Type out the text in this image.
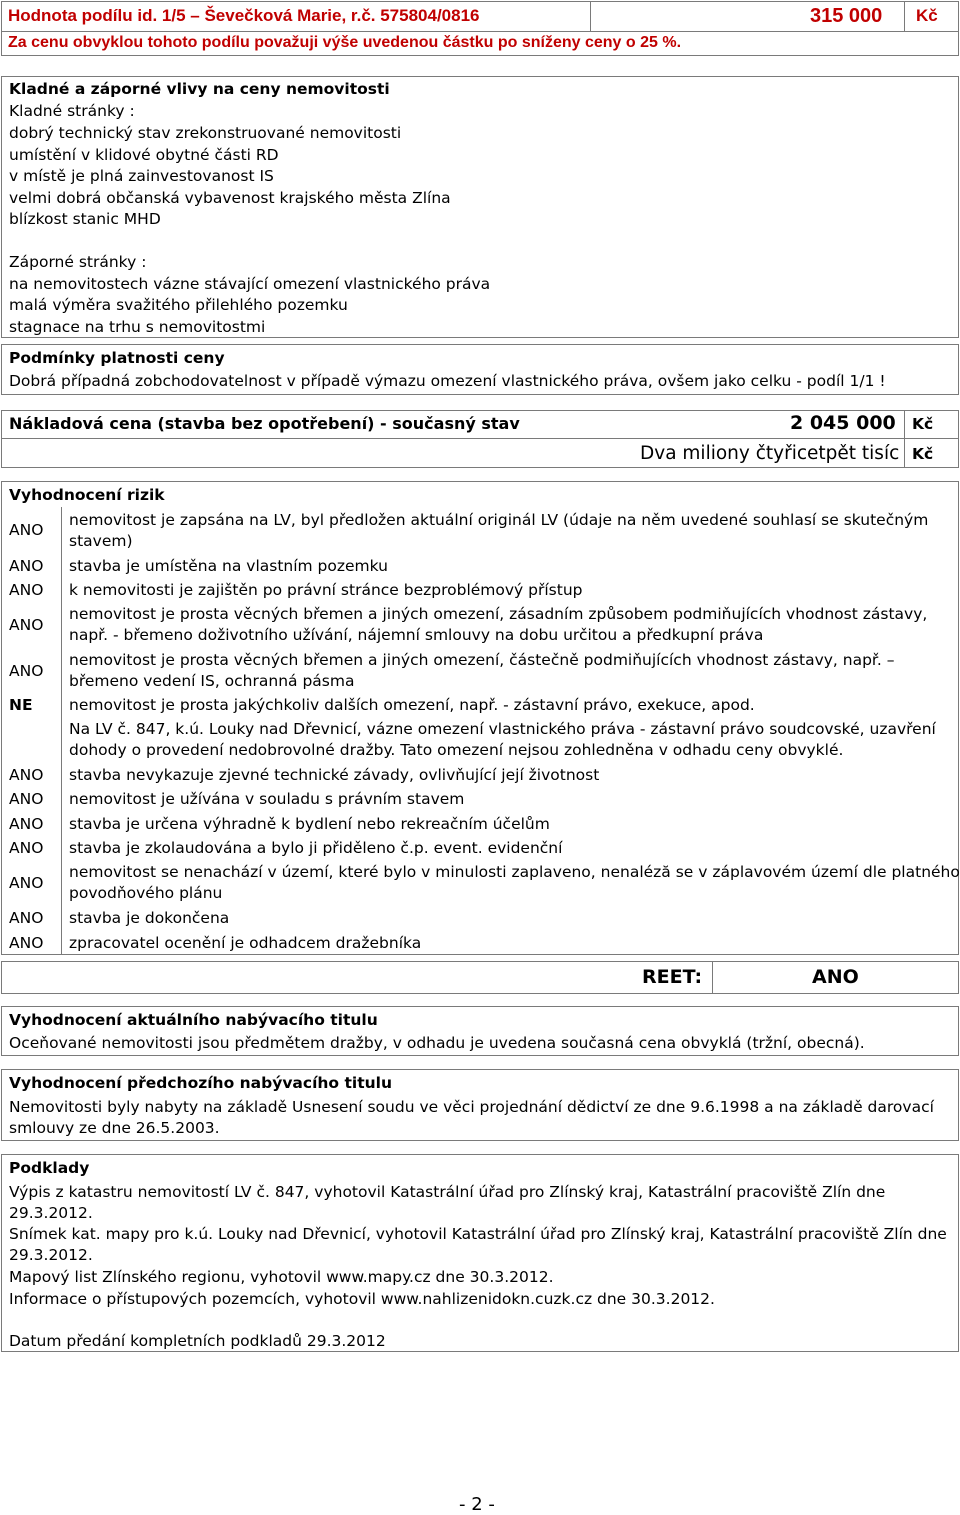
Hodnota podílu id. 1/5 – Ševečková Marie, r.č. 575804/0816	315 000 Kč
Za cenu obvyklou tohoto podílu považuji výše uvedenou částku po sníženy ceny o 25 %.
Kladné a záporné vlivy na ceny nemovitosti
Kladné stránky :
dobrý technický stav zrekonstruované nemovitosti
umístění v klidové obytné části RD
v místě je plná zainvestovanost IS
velmi dobrá občanská vybavenost krajského města Zlína
blízkost stanic MHD
Záporné stránky :
na nemovitostech vázne stávající omezení vlastnického práva
malá výměra svažitého přilehlého pozemku
stagnace na trhu s nemovitostmi
Podmínky platnosti ceny
Dobrá případná zobchodovatelnost v případě výmazu omezení vlastnického práva, ovšem jako celku - podíl 1/1 !
Nákladová cena (stavba bez opotřebení) - současný stav	2 045 000 Kč
Dva miliony čtyřicetpět tisíc Kč
Vyhodnocení rizik
ANO
nemovitost je zapsána na LV, byl předložen aktuální originál LV (údaje na něm uvedené souhlasí se skutečným
stavem)
ANO stavba je umístěna na vlastním pozemku
ANO k nemovitosti je zajištěn po právní stránce bezproblémový přístup
ANO
nemovitost je prosta věcných břemen a jiných omezení, zásadním způsobem podmiňujících vhodnost zástavy,
např. - břemeno doživotního užívání, nájemní smlouvy na dobu určitou a předkupní práva
ANO
nemovitost je prosta věcných břemen a jiných omezení, částečně podmiňujících vhodnost zástavy, např. –
břemeno vedení IS, ochranná pásma
NE nemovitost je prosta jakýchkoliv dalších omezení, např. - zástavní právo, exekuce, apod.
Na LV č. 847, k.ú. Louky nad Dřevnicí, vázne omezení vlastnického práva - zástavní právo soudcovské, uzavření
dohody o provedení nedobrovolné dražby. Tato omezení nejsou zohledněna v odhadu ceny obvyklé.
ANO stavba nevykazuje zjevné technické závady, ovlivňující její životnost
ANO nemovitost je užívána v souladu s právním stavem
ANO stavba je určena výhradně k bydlení nebo rekreačním účelům
ANO stavba je zkolaudována a bylo ji přiděleno č.p. event. evidenční
ANO
nemovitost se nenachází v území, které bylo v minulosti zaplaveno, nenaléză se v záplavovém území dle platného
povodňového plánu
ANO stavba je dokončena
ANO zpracovatel ocenění je odhadcem dražebníka
REET:	ANO
Vyhodnocení aktuálního nabývacího titulu
Oceňované nemovitosti jsou předmětem dražby, v odhadu je uvedena současná cena obvyklá (tržní, obecná).
Vyhodnocení předchozího nabývacího titulu
Nemovitosti byly nabyty na základě Usnesení soudu ve věci projednání dědictví ze dne 9.6.1998 a na základě darovací
smlouvy ze dne 26.5.2003.
Podklady
Výpis z katastru nemovitostí LV č. 847, vyhotovil Katastrální úřad pro Zlínský kraj, Katastrální pracoviště Zlín dne
29.3.2012.
Snímek kat. mapy pro k.ú. Louky nad Dřevnicí, vyhotovil Katastrální úřad pro Zlínský kraj, Katastrální pracoviště Zlín dne
29.3.2012.
Mapový list Zlínského regionu, vyhotovil www.mapy.cz dne 30.3.2012.
Informace o přístupových pozemcích, vyhotovil www.nahlizenidokn.cuzk.cz dne 30.3.2012.
Datum předání kompletních podkladů 29.3.2012
- 2 -
